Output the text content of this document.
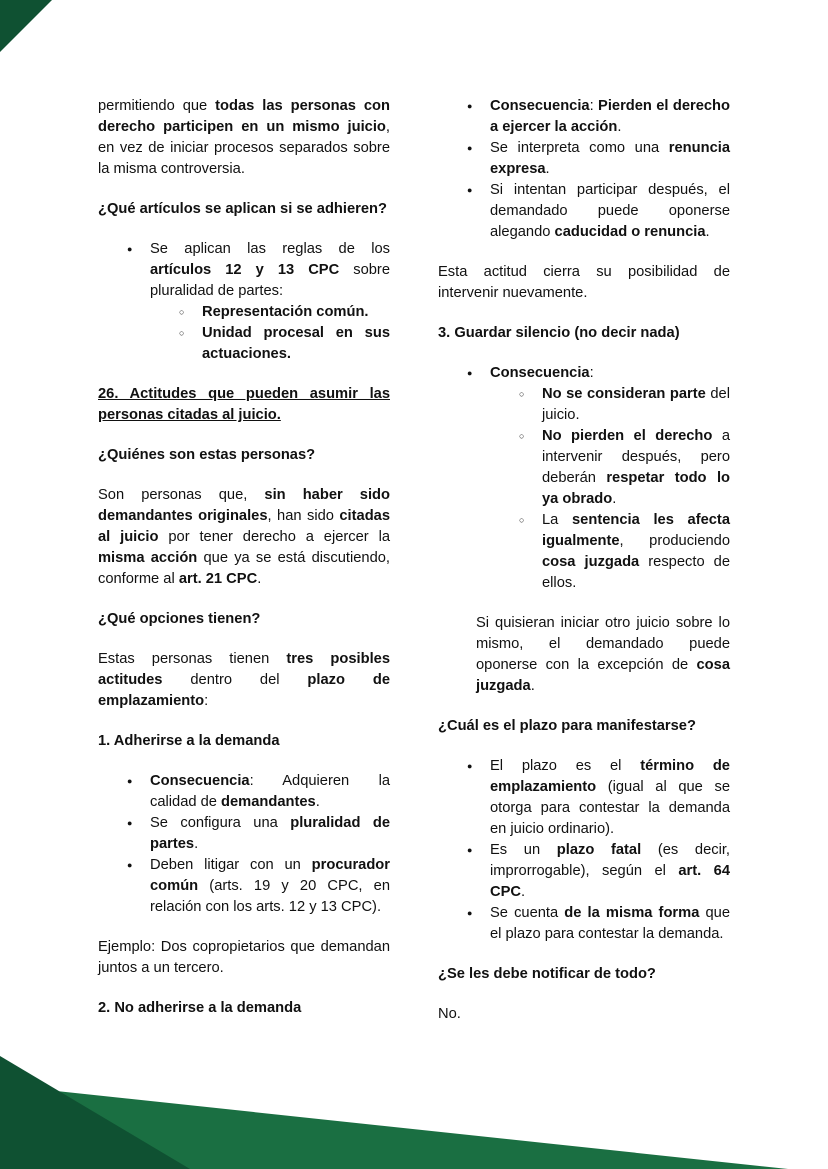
permitiendo que todas las personas con derecho participen en un mismo juicio, en vez de iniciar procesos separados sobre la misma controversia.

¿Qué artículos se aplican si se adhieren?

● Se aplican las reglas de los artículos 12 y 13 CPC sobre pluralidad de partes:
○ Representación común.
○ Unidad procesal en sus actuaciones.

26. Actitudes que pueden asumir las personas citadas al juicio.

¿Quiénes son estas personas?

Son personas que, sin haber sido demandantes originales, han sido citadas al juicio por tener derecho a ejercer la misma acción que ya se está discutiendo, conforme al art. 21 CPC.

¿Qué opciones tienen?

Estas personas tienen tres posibles actitudes dentro del plazo de emplazamiento:

1. Adherirse a la demanda

● Consecuencia: Adquieren la calidad de demandantes.
● Se configura una pluralidad de partes.
● Deben litigar con un procurador común (arts. 19 y 20 CPC, en relación con los arts. 12 y 13 CPC).

Ejemplo: Dos copropietarios que demandan juntos a un tercero.

2. No adherirse a la demanda

● Consecuencia: Pierden el derecho a ejercer la acción.
● Se interpreta como una renuncia expresa.
● Si intentan participar después, el demandado puede oponerse alegando caducidad o renuncia.

Esta actitud cierra su posibilidad de intervenir nuevamente.

3. Guardar silencio (no decir nada)

● Consecuencia:
○ No se consideran parte del juicio.
○ No pierden el derecho a intervenir después, pero deberán respetar todo lo ya obrado.
○ La sentencia les afecta igualmente, produciendo cosa juzgada respecto de ellos.

Si quisieran iniciar otro juicio sobre lo mismo, el demandado puede oponerse con la excepción de cosa juzgada.

¿Cuál es el plazo para manifestarse?

● El plazo es el término de emplazamiento (igual al que se otorga para contestar la demanda en juicio ordinario).
● Es un plazo fatal (es decir, improrrogable), según el art. 64 CPC.
● Se cuenta de la misma forma que el plazo para contestar la demanda.

¿Se les debe notificar de todo?

No.
